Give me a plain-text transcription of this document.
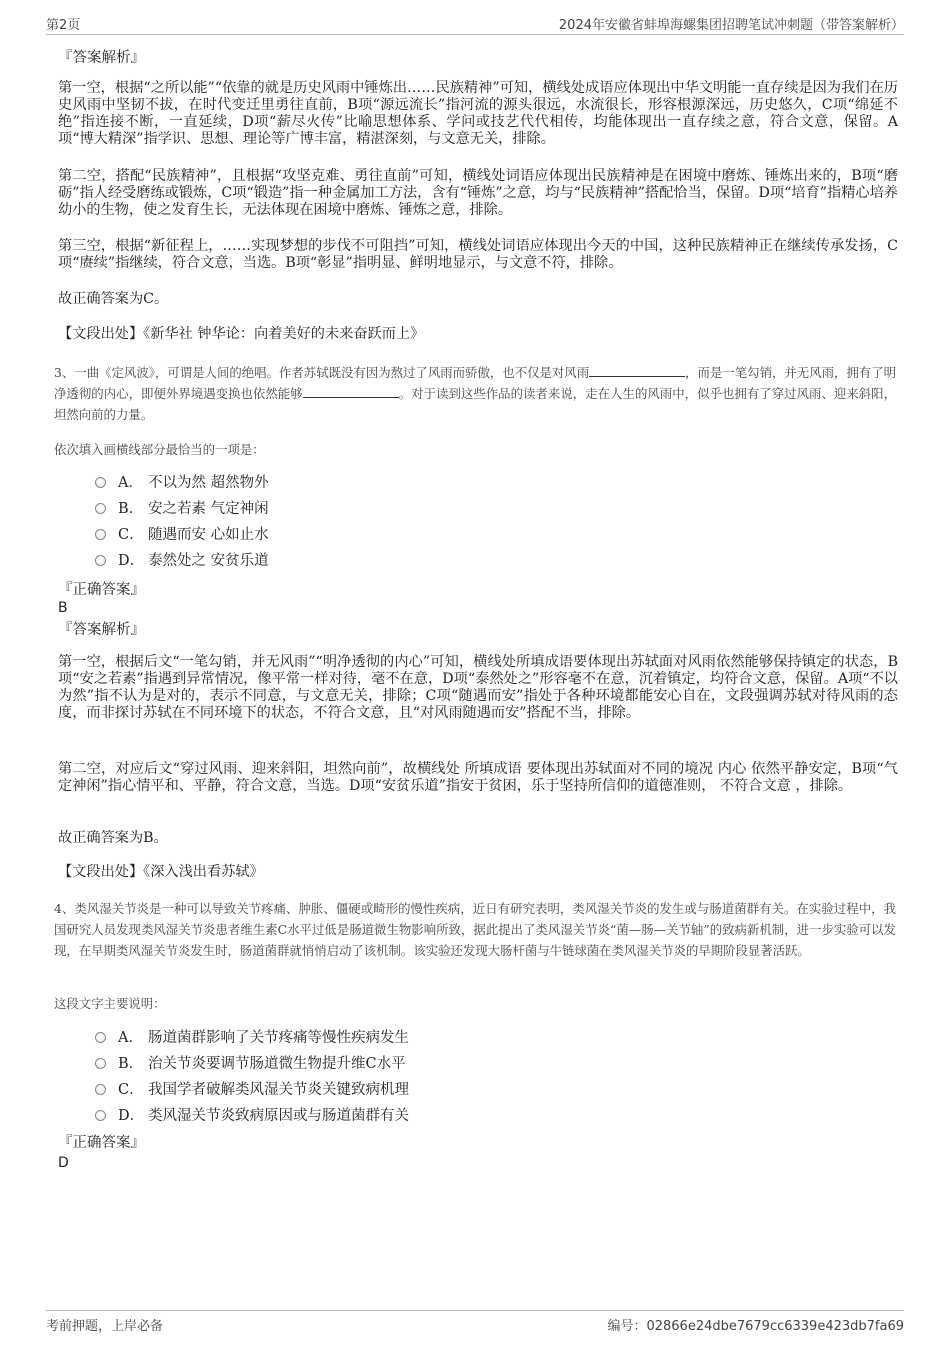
第2页	2024年安徽省蚌埠海螺集团招聘笔试冲刺题（带答案解析）
『答案解析』
第一空，根据“之所以能”“依靠的就是历史风雨中锤炼出……民族精神”可知，横线处成语应体现出中华文明能一直存续是因为我们在历史风雨中坚韧不拔，在时代变迁里勇往直前，B项“源远流长”指河流的源头很远，水流很长，形容根源深远，历史悠久，C项“绵延不绝”指连接不断，一直延续，D项“薪尽火传”比喻思想体系、学问或技艺代代相传，均能体现出一直存续之意，符合文意，保留。A项“博大精深”指学识、思想、理论等广博丰富，精湛深刻，与文意无关，排除。
第二空，搭配“民族精神”，且根据“攻坚克难、勇往直前”可知，横线处词语应体现出民族精神是在困境中磨炼、锤炼出来的，B项“磨砺”指人经受磨练或锻炼，C项“锻造”指一种金属加工方法，含有“锤炼”之意，均与“民族精神”搭配恰当，保留。D项“培育”指精心培养幼小的生物，使之发育生长，无法体现在困境中磨炼、锤炼之意，排除。
第三空，根据“新征程上，……实现梦想的步伐不可阻挡”可知，横线处词语应体现出今天的中国，这种民族精神正在继续传承发扬，C项“赓续”指继续，符合文意，当选。B项“彰显”指明显、鲜明地显示，与文意不符，排除。
故正确答案为C。
【文段出处】《新华社 钟华论：向着美好的未来奋跃而上》
3、一曲《定风波》，可谓是人间的绝唱。作者苏轼既没有因为熬过了风雨而骄傲，也不仅是对风雨	，而是一笔勾销，并无风雨，拥有了明净透彻的内心，即便外界境遇变换也依然能够	。对于读到这些作品的读者来说，走在人生的风雨中，似乎也拥有了穿过风雨、迎来斜阳，坦然向前的力量。
依次填入画横线部分最恰当的一项是：
A． 不以为然 超然物外
B． 安之若素 气定神闲
C． 随遇而安 心如止水
D． 泰然处之 安贫乐道
『正确答案』
B
『答案解析』
第一空，根据后文“一笔勾销，并无风雨”“明净透彻的内心”可知，横线处所填成语要体现出苏轼面对风雨依然能够保持镇定的状态，B项“安之若素”指遇到异常情况，像平常一样对待，毫不在意，D项“泰然处之”形容毫不在意，沉着镇定，均符合文意，保留。A项“不以为然”指不认为是对的，表示不同意，与文意无关，排除；C项“随遇而安”指处于各种环境都能安心自在，文段强调苏轼对待风雨的态度，而非探讨苏轼在不同环境下的状态，不符合文意，且“对风雨随遇而安”搭配不当，排除。
第二空，对应后文“穿过风雨、迎来斜阳，坦然向前”，故横线处 所填成语 要体现出苏轼面对不同的境况 内心 依然平静安定，B项“气定神闲”指心情平和、平静，符合文意，当选。D项“安贫乐道”指安于贫困，乐于坚持所信仰的道德准则， 不符合文意 ，排除。
故正确答案为B。
【文段出处】《深入浅出看苏轼》
4、类风湿关节炎是一种可以导致关节疼痛、肿胀、僵硬或畸形的慢性疾病，近日有研究表明，类风湿关节炎的发生或与肠道菌群有关。在实验过程中，我国研究人员发现类风湿关节炎患者维生素C水平过低是肠道微生物影响所致，据此提出了类风湿关节炎“菌—肠—关节轴”的致病新机制，进一步实验可以发现，在早期类风湿关节炎发生时，肠道菌群就悄悄启动了该机制。该实验还发现大肠杆菌与牛链球菌在类风湿关节炎的早期阶段显著活跃。
这段文字主要说明：
A． 肠道菌群影响了关节疼痛等慢性疾病发生
B． 治关节炎要调节肠道微生物提升维C水平
C． 我国学者破解类风湿关节炎关键致病机理
D． 类风湿关节炎致病原因或与肠道菌群有关
『正确答案』
D
考前押题，上岸必备	编号：02866e24dbe7679cc6339e423db7fa69
